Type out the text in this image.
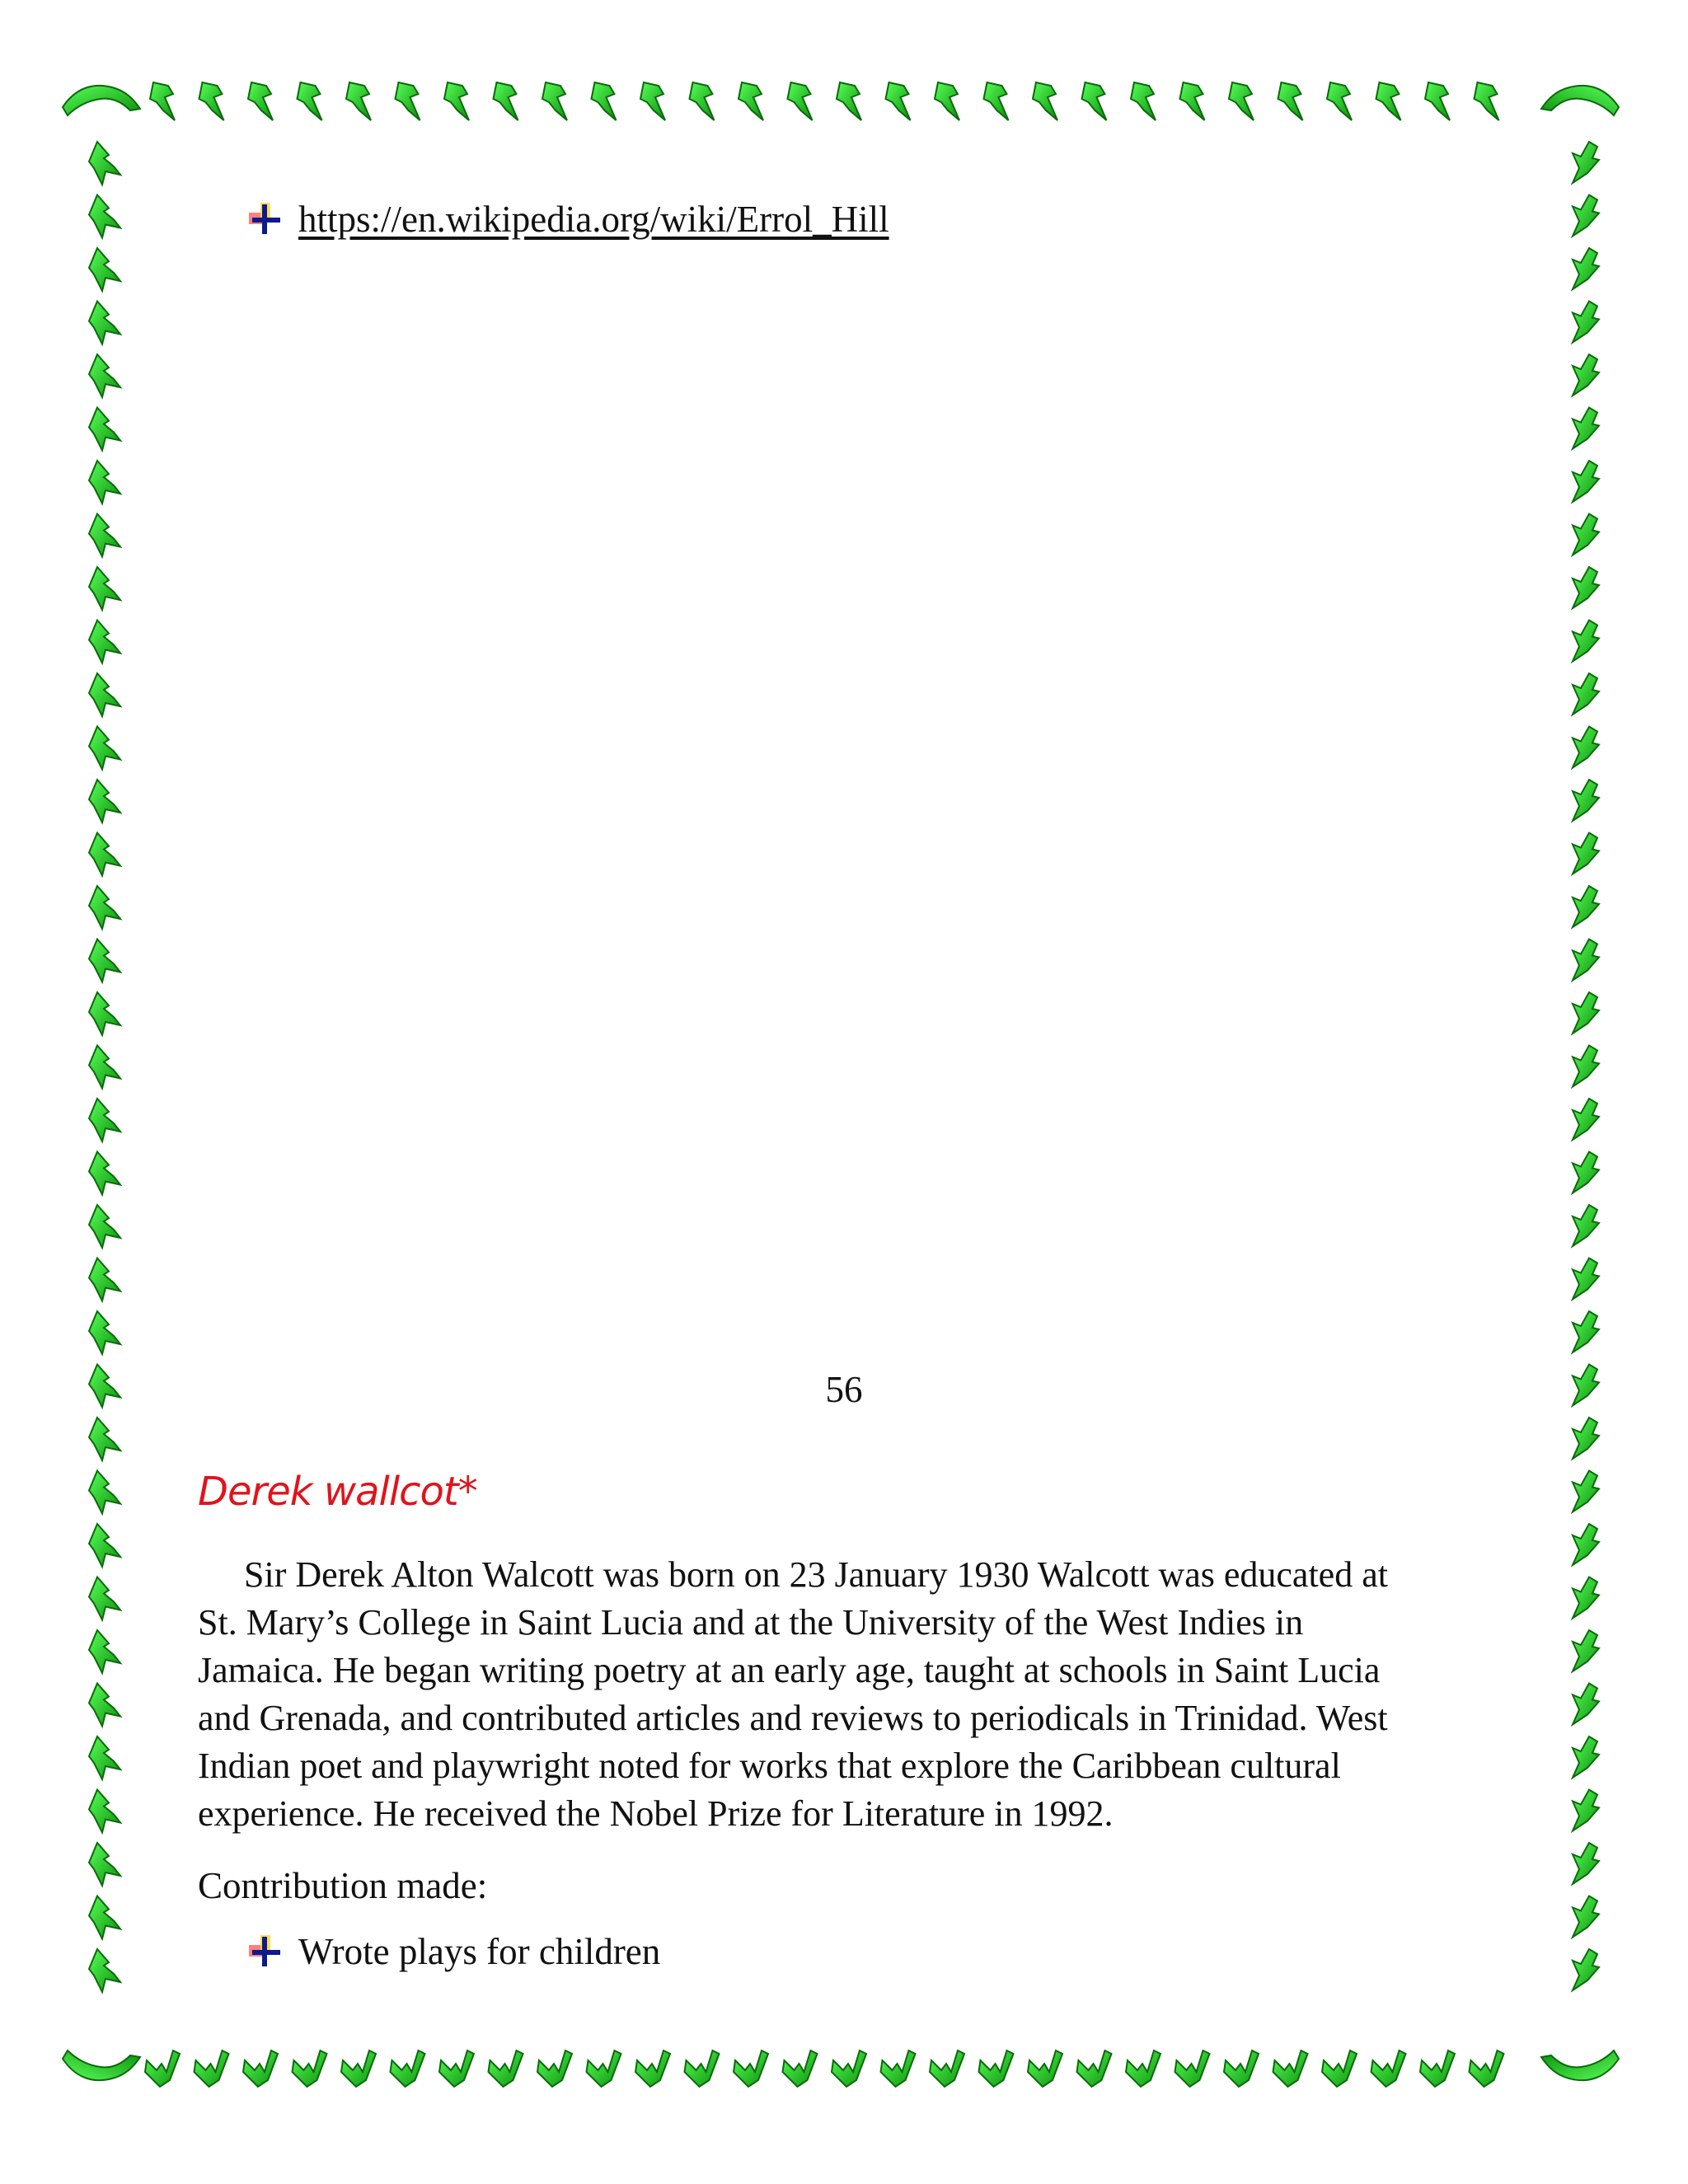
https://en.wikipedia.org/wiki/Errol_Hill
56
Derek wallcot*
Sir Derek Alton Walcott was born on 23 January 1930 Walcott was educated at
St. Mary’s College in Saint Lucia and at the University of the West Indies in
Jamaica. He began writing poetry at an early age, taught at schools in Saint Lucia
and Grenada, and contributed articles and reviews to periodicals in Trinidad. West
Indian poet and playwright noted for works that explore the Caribbean cultural
experience. He received the Nobel Prize for Literature in 1992.
Contribution made:
Wrote plays for children
